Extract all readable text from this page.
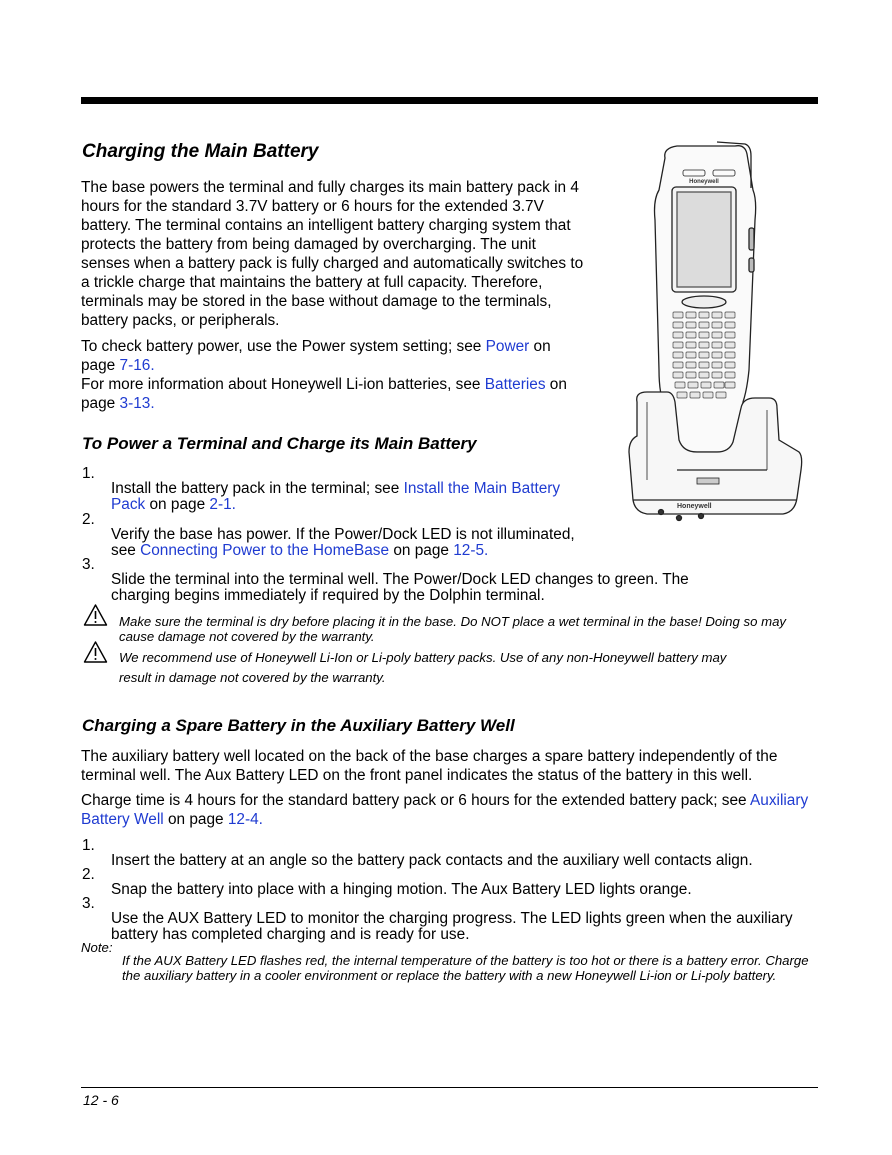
Charging the Main Battery

The base powers the terminal and fully charges its main battery pack in 4 hours for the standard 3.7V battery or 6 hours for the extended 3.7V battery. The terminal contains an intelligent battery charging system that protects the battery from being damaged by overcharging. The unit senses when a battery pack is fully charged and automatically switches to a trickle charge that maintains the battery at full capacity. Therefore, terminals may be stored in the base without damage to the terminals, battery packs, or peripherals.

To check battery power, use the Power system setting; see Power on page 7-16.

For more information about Honeywell Li-ion batteries, see Batteries on page 3-13.

Honeywell
Honeywell
To Power a Terminal and Charge its Main Battery
1.

Install the battery pack in the terminal; see Install the Main Battery Pack on page 2-1.

2.

Verify the base has power. If the Power/Dock LED is not illuminated, see Connecting Power to the HomeBase on page 12-5.

3.

Slide the terminal into the terminal well. The Power/Dock LED changes to green. The charging begins immediately if required by the Dolphin terminal.

Make sure the terminal is dry before placing it in the base. Do NOT place a wet terminal in the base! Doing so may cause damage not covered by the warranty.

We recommend use of Honeywell Li-Ion or Li-poly battery packs. Use of any non-Honeywell battery may

result in damage not covered by the warranty.

Charging a Spare Battery in the Auxiliary Battery Well

The auxiliary battery well located on the back of the base charges a spare battery independently of the terminal well. The Aux Battery LED on the front panel indicates the status of the battery in this well.

Charge time is 4 hours for the standard battery pack or 6 hours for the extended battery pack; see Auxiliary Battery Well on page 12-4.

1.

Insert the battery at an angle so the battery pack contacts and the auxiliary well contacts align.

2.

Snap the battery into place with a hinging motion. The Aux Battery LED lights orange.

3.

Use the AUX Battery LED to monitor the charging progress. The LED lights green when the auxiliary battery has completed charging and is ready for use.

Note:

If the AUX Battery LED flashes red, the internal temperature of the battery is too hot or there is a battery error. Charge the auxiliary battery in a cooler environment or replace the battery with a new Honeywell Li-ion or Li-poly battery.

12 - 6
